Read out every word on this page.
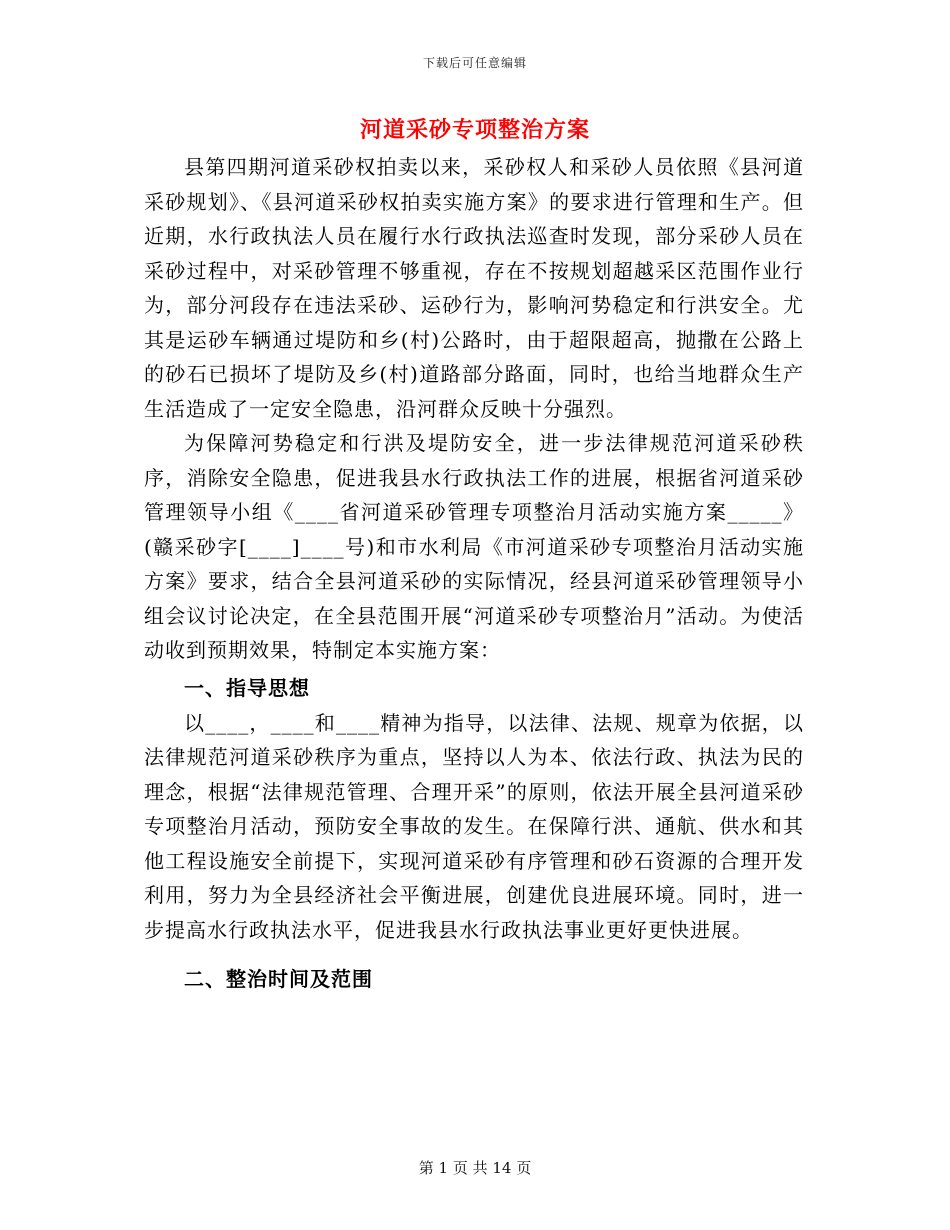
下载后可任意编辑
河道采砂专项整治方案

县第四期河道采砂权拍卖以来，采砂权人和采砂人员依照《县河道采砂规划》、《县河道采砂权拍卖实施方案》的要求进行管理和生产。但近期，水行政执法人员在履行水行政执法巡查时发现，部分采砂人员在采砂过程中，对采砂管理不够重视，存在不按规划超越采区范围作业行为，部分河段存在违法采砂、运砂行为，影响河势稳定和行洪安全。尤其是运砂车辆通过堤防和乡(村)公路时，由于超限超高，抛撒在公路上的砂石已损坏了堤防及乡(村)道路部分路面，同时，也给当地群众生产生活造成了一定安全隐患，沿河群众反映十分强烈。

为保障河势稳定和行洪及堤防安全，进一步法律规范河道采砂秩序，消除安全隐患，促进我县水行政执法工作的进展，根据省河道采砂管理领导小组《____省河道采砂管理专项整治月活动实施方案_____》(赣采砂字[____]____号)和市水利局《市河道采砂专项整治月活动实施方案》要求，结合全县河道采砂的实际情况，经县河道采砂管理领导小组会议讨论决定，在全县范围开展“河道采砂专项整治月”活动。为使活动收到预期效果，特制定本实施方案：

一、指导思想

以____，____和____精神为指导，以法律、法规、规章为依据，以法律规范河道采砂秩序为重点，坚持以人为本、依法行政、执法为民的理念，根据“法律规范管理、合理开采”的原则，依法开展全县河道采砂专项整治月活动，预防安全事故的发生。在保障行洪、通航、供水和其他工程设施安全前提下，实现河道采砂有序管理和砂石资源的合理开发利用，努力为全县经济社会平衡进展，创建优良进展环境。同时，进一步提高水行政执法水平，促进我县水行政执法事业更好更快进展。

二、整治时间及范围
第 1 页 共 14 页
